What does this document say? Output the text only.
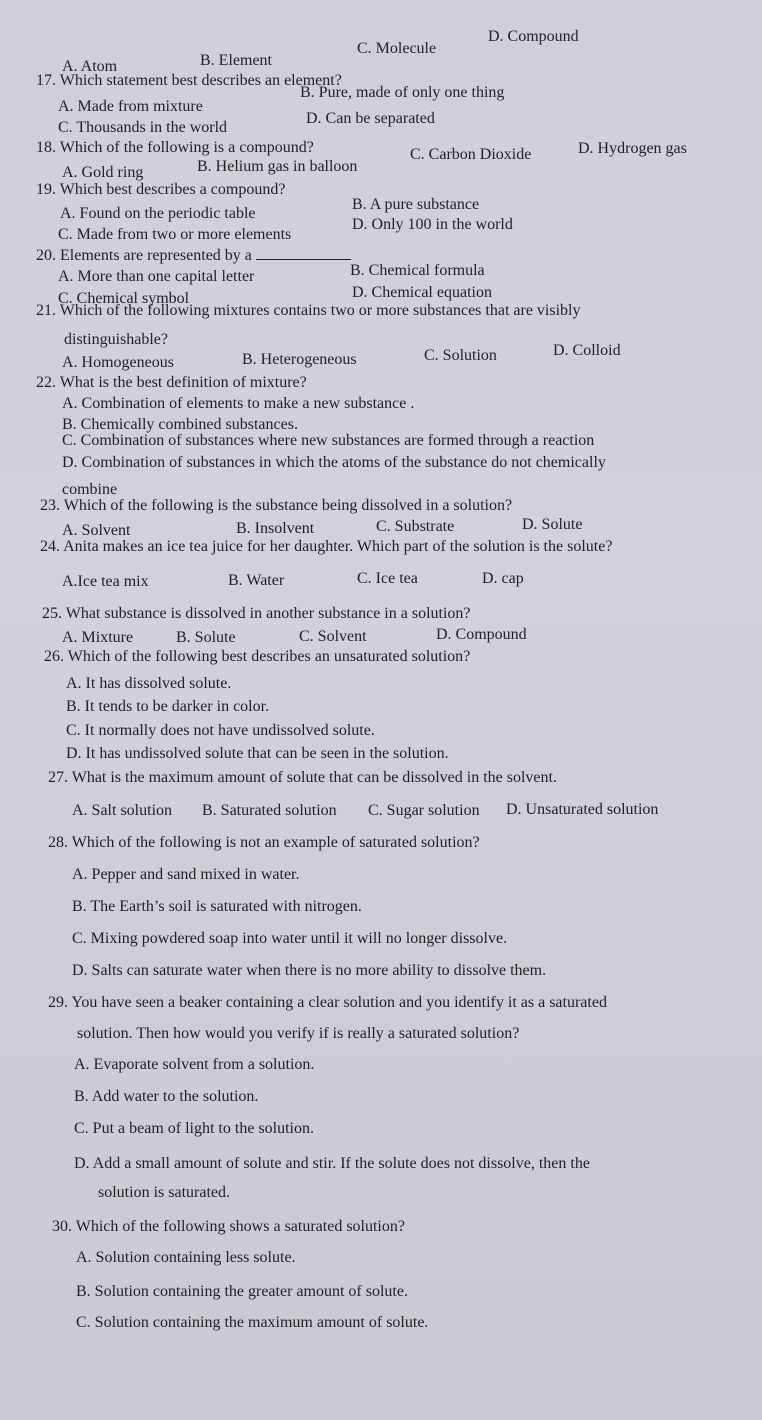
A. Atom	B. Element
C. Molecule
D. Compound
17. Which statement best describes an element?
A. Made from mixture
B. Pure, made of only one thing
C. Thousands in the world
D. Can be separated
18. Which of the following is a compound?
A. Gold ring	B. Helium gas in balloon
C. Carbon Dioxide	D. Hydrogen gas
19. Which best describes a compound?
A. Found on the periodic table
B. A pure substance
C. Made from two or more elements
D. Only 100 in the world
20. Elements are represented by a
A. More than one capital letter	B. Chemical formula
C. Chemical symbol	D. Chemical equation
21. Which of the following mixtures contains two or more substances that are visibly
distinguishable?
A. Homogeneous	B. Heterogeneous	C. Solution	D. Colloid
22. What is the best definition of mixture?
A. Combination of elements to make a new substance .
B. Chemically combined substances.
C. Combination of substances where new substances are formed through a reaction
D. Combination of substances in which the atoms of the substance do not chemically
combine
23. Which of the following is the substance being dissolved in a solution?
A. Solvent	B. Insolvent	C. Substrate	D. Solute
24. Anita makes an ice tea juice for her daughter. Which part of the solution is the solute?
A.Ice tea mix	B. Water	C. Ice tea	D. cap
25. What substance is dissolved in another substance in a solution?
A. Mixture	B. Solute	C. Solvent	D. Compound
26. Which of the following best describes an unsaturated solution?
A. It has dissolved solute.
B. It tends to be darker in color.
C. It normally does not have undissolved solute.
D. It has undissolved solute that can be seen in the solution.
27. What is the maximum amount of solute that can be dissolved in the solvent.
A. Salt solution B. Saturated solution C. Sugar solution D. Unsaturated solution
28. Which of the following is not an example of saturated solution?
A. Pepper and sand mixed in water.
B. The Earth’s soil is saturated with nitrogen.
C. Mixing powdered soap into water until it will no longer dissolve.
D. Salts can saturate water when there is no more ability to dissolve them.
29. You have seen a beaker containing a clear solution and you identify it as a saturated
solution. Then how would you verify if is really a saturated solution?
A. Evaporate solvent from a solution.
B. Add water to the solution.
C. Put a beam of light to the solution.
D. Add a small amount of solute and stir. If the solute does not dissolve, then the
solution is saturated.
30. Which of the following shows a saturated solution?
A. Solution containing less solute.
B. Solution containing the greater amount of solute.
C. Solution containing the maximum amount of solute.
